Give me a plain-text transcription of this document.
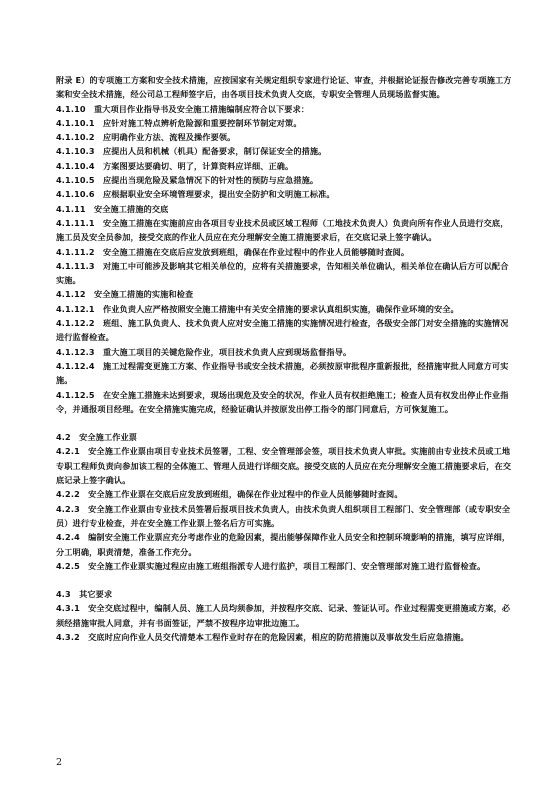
附录 E）的专项施工方案和安全技术措施，应按国家有关规定组织专家进行论证、审查，并根据论证报告修改完善专项施工方案和安全技术措施，经公司总工程师签字后，由各项目技术负责人交底，专职安全管理人员现场监督实施。

4.1.10　重大项目作业指导书及安全施工措施编制应符合以下要求：

4.1.10.1　应针对施工特点辨析危险源和重要控制环节制定对策。

4.1.10.2　应明确作业方法、流程及操作要领。

4.1.10.3　应提出人员和机械（机具）配备要求，制订保证安全的措施。

4.1.10.4　方案图要达要确切、明了，计算资料应详细、正确。

4.1.10.5　应提出当现危险及紧急情况下的针对性的预防与应急措施。

4.1.10.6　应根据职业安全环境管理要求，提出安全防护和文明施工标准。

4.1.11　安全施工措施的交底

4.1.11.1　安全施工措施在实施前应由各项目专业技术员或区域工程师（工地技术负责人）负责向所有作业人员进行交底，施工员及安全员参加，接受交底的作业人员应在充分理解安全施工措施要求后，在交底记录上签字确认。

4.1.11.2　安全施工措施在交底后应发放到班组，确保在作业过程中的作业人员能够随时查阅。

4.1.11.3　对施工中可能涉及影响其它相关单位的，应将有关措施要求，告知相关单位确认，相关单位在确认后方可以配合实施。

4.1.12　安全施工措施的实施和检查

4.1.12.1　作业负责人应严格按照安全施工措施中有关安全措施的要求认真组织实施，确保作业环境的安全。

4.1.12.2　班组、施工队负责人、技术负责人应对安全施工措施的实施情况进行检查，各级安全部门对安全措施的实施情况进行监督检查。

4.1.12.3　重大施工项目的关键危险作业，项目技术负责人应到现场监督指导。

4.1.12.4　施工过程需变更施工方案、作业指导书或安全技术措施，必须按原审批程序重新报批，经措施审批人同意方可实施。

4.1.12.5　在安全施工措施未达到要求，现场出现危及安全的状况，作业人员有权拒绝施工；检查人员有权发出停止作业指令，并通报项目经理。在安全措施实施完成，经验证确认并按原发出停工指令的部门同意后，方可恢复施工。

4.2　安全施工作业票

4.2.1　安全施工作业票由项目专业技术员签署，工程、安全管理部会签，项目技术负责人审批。实施前由专业技术员或工地专职工程师负责向参加该工程的全体施工、管理人员进行详细交底。接受交底的人员应在充分理解安全施工措施要求后，在交底记录上签字确认。

4.2.2　安全施工作业票在交底后应发放到班组，确保在作业过程中的作业人员能够随时查阅。

4.2.3　安全施工作业票由专业技术员签署后报项目技术负责人，由技术负责人组织项目工程部门、安全管理部（或专职安全员）进行专业检查，并在安全施工作业票上签名后方可实施。

4.2.4　编制安全施工作业票应充分考虑作业的危险因素，提出能够保障作业人员安全和控制环境影响的措施，填写应详细，分工明确，职责清楚，准备工作充分。

4.2.5　安全施工作业票实施过程应由施工班组指派专人进行监护，项目工程部门、安全管理部对施工进行监督检查。

4.3　其它要求

4.3.1　安全交底过程中，编制人员、施工人员均须参加，并按程序交底、记录、签证认可。作业过程需变更措施或方案，必须经措施审批人同意，并有书面签证，严禁不按程序边审批边施工。

4.3.2　交底时应向作业人员交代清楚本工程作业时存在的危险因素，相应的防范措施以及事故发生后应急措施。

2
